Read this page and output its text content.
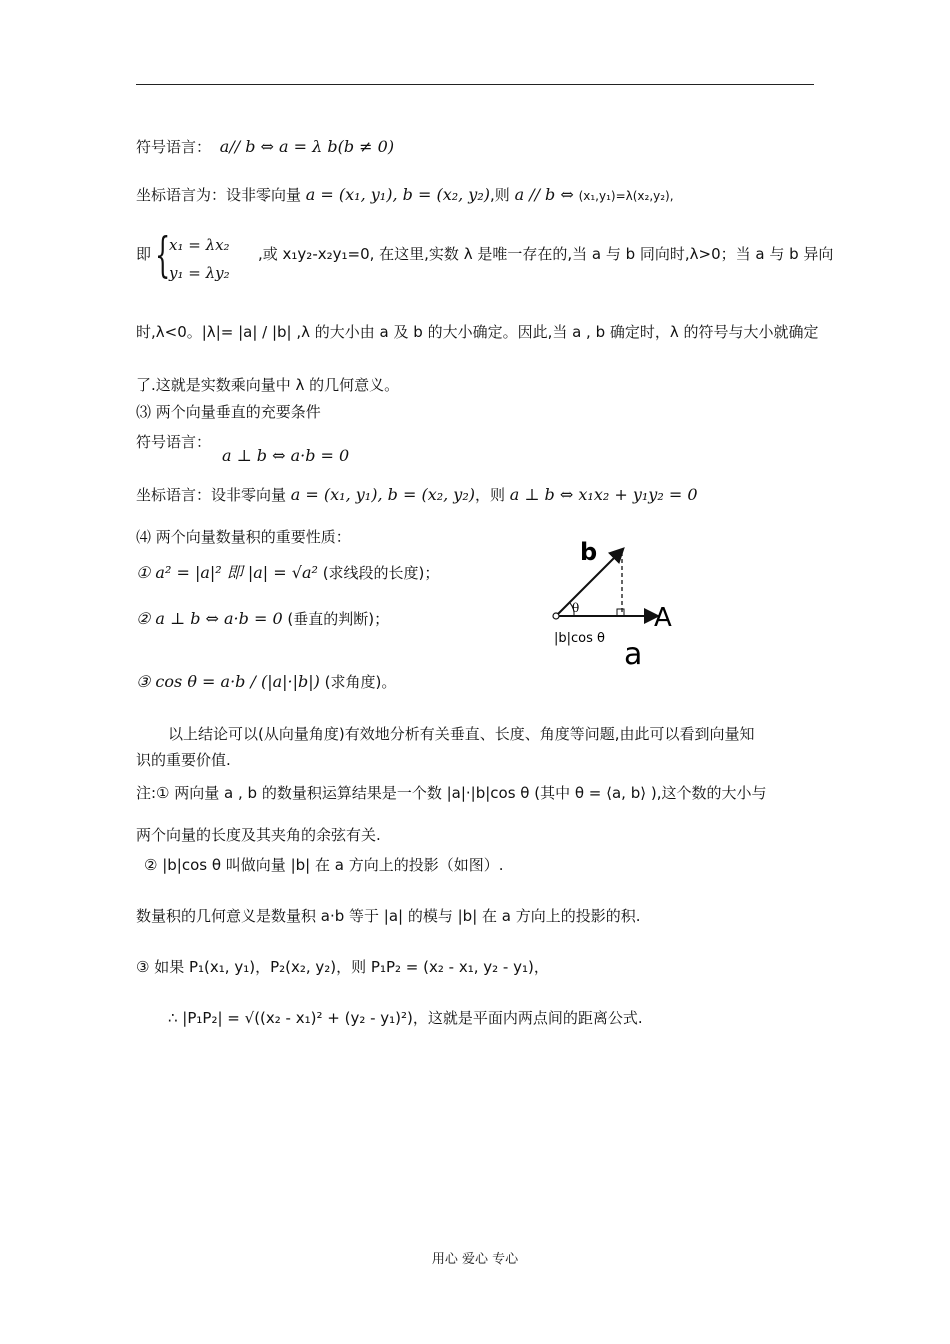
符号语言： a// b ⇔ a = λ b(b ≠ 0)
坐标语言为：设非零向量 a = (x₁, y₁), b = (x₂, y₂),则 a // b ⇔ (x₁,y₁)=λ(x₂,y₂),
即 {
x₁ = λx₂
y₁ = λy₂
,或 x₁y₂-x₂y₁=0, 在这里,实数 λ 是唯一存在的,当 a 与 b 同向时,λ>0；当 a 与 b 异向
时,λ<0。|λ|= |a| / |b| ,λ 的大小由 a 及 b 的大小确定。因此,当 a , b 确定时，λ 的符号与大小就确定
了.这就是实数乘向量中 λ 的几何意义。
⑶ 两个向量垂直的充要条件
符号语言：
a ⊥ b ⇔ a·b = 0
坐标语言：设非零向量 a = (x₁, y₁), b = (x₂, y₂)，则 a ⊥ b ⇔ x₁x₂ + y₁y₂ = 0
⑷ 两个向量数量积的重要性质：
① a² = |a|² 即 |a| = √a² (求线段的长度)；
② a ⊥ b ⇔ a·b = 0 (垂直的判断)；
③ cos θ = a·b / (|a|·|b|) (求角度)。
以上结论可以(从向量角度)有效地分析有关垂直、长度、角度等问题,由此可以看到向量知
识的重要价值.
注:① 两向量 a , b 的数量积运算结果是一个数 |a|·|b|cos θ (其中 θ = ⟨a, b⟩ ),这个数的大小与
两个向量的长度及其夹角的余弦有关.
② |b|cos θ 叫做向量 |b| 在 a 方向上的投影（如图）.
数量积的几何意义是数量积 a·b 等于 |a| 的模与 |b| 在 a 方向上的投影的积.
③ 如果 P₁(x₁, y₁)，P₂(x₂, y₂)，则 P₁P₂ = (x₂ - x₁, y₂ - y₁)，
∴ |P₁P₂| = √((x₂ - x₁)² + (y₂ - y₁)²)，这就是平面内两点间的距离公式.
θ
b
A
a
|b|cos θ
用心 爱心 专心
